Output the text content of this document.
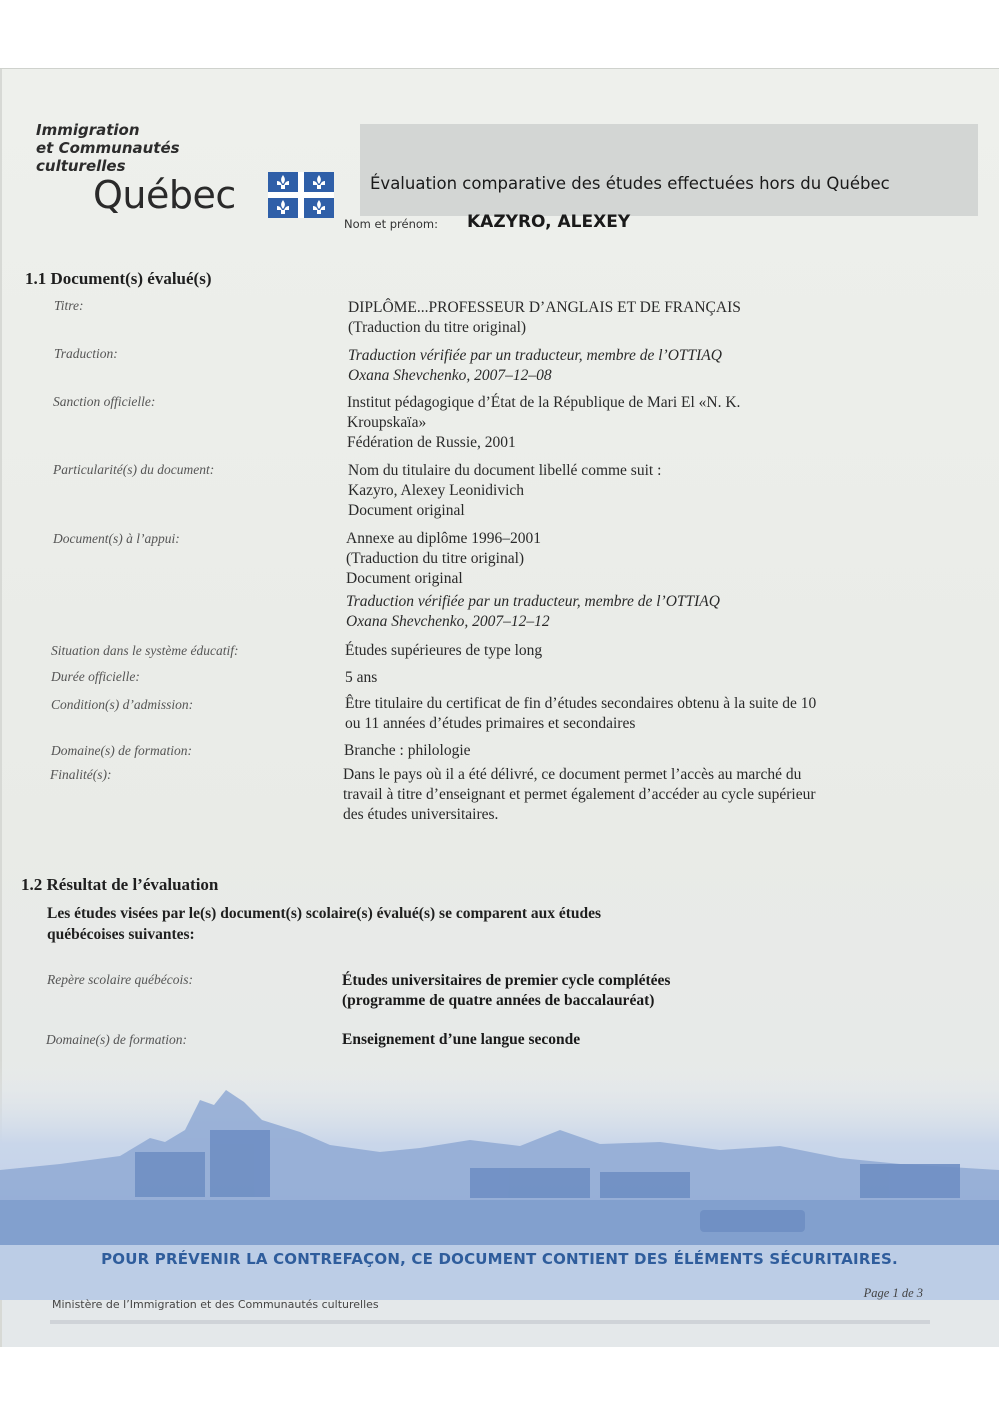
Immigration
et Communautés
culturelles
Québec	Évaluation comparative des études effectuées hors du Québec
Nom et prénom: KAZYRO, ALEXEY
1.1 Document(s) évalué(s)
Titre:	DIPLÔME...PROFESSEUR D’ANGLAIS ET DE FRANÇAIS
(Traduction du titre original)
Traduction:	Traduction vérifiée par un traducteur, membre de l’OTTIAQ
Oxana Shevchenko, 2007–12–08
Sanction officielle:	Institut pédagogique d’État de la République de Mari El «N. K.
Kroupskaïa»
Fédération de Russie, 2001
Particularité(s) du document:	Nom du titulaire du document libellé comme suit :
Kazyro, Alexey Leonidivich
Document original
Document(s) à l’appui:	Annexe au diplôme 1996–2001
(Traduction du titre original)
Document original
Traduction vérifiée par un traducteur, membre de l’OTTIAQ
Oxana Shevchenko, 2007–12–12
Situation dans le système éducatif:	Études supérieures de type long
Durée officielle:	5 ans
Condition(s) d’admission:	Être titulaire du certificat de fin d’études secondaires obtenu à la suite de 10
ou 11 années d’études primaires et secondaires
Domaine(s) de formation:	Branche : philologie
Finalité(s):	Dans le pays où il a été délivré, ce document permet l’accès au marché du
travail à titre d’enseignant et permet également d’accéder au cycle supérieur
des études universitaires.
1.2 Résultat de l’évaluation
Les études visées par le(s) document(s) scolaire(s) évalué(s) se comparent aux études
québécoises suivantes:
Repère scolaire québécois:	Études universitaires de premier cycle complétées
(programme de quatre années de baccalauréat)
Domaine(s) de formation:	Enseignement d’une langue seconde
POUR PRÉVENIR LA CONTREFAÇON, CE DOCUMENT CONTIENT DES ÉLÉMENTS SÉCURITAIRES.
Page 1 de 3
Ministère de l’Immigration et des Communautés culturelles
